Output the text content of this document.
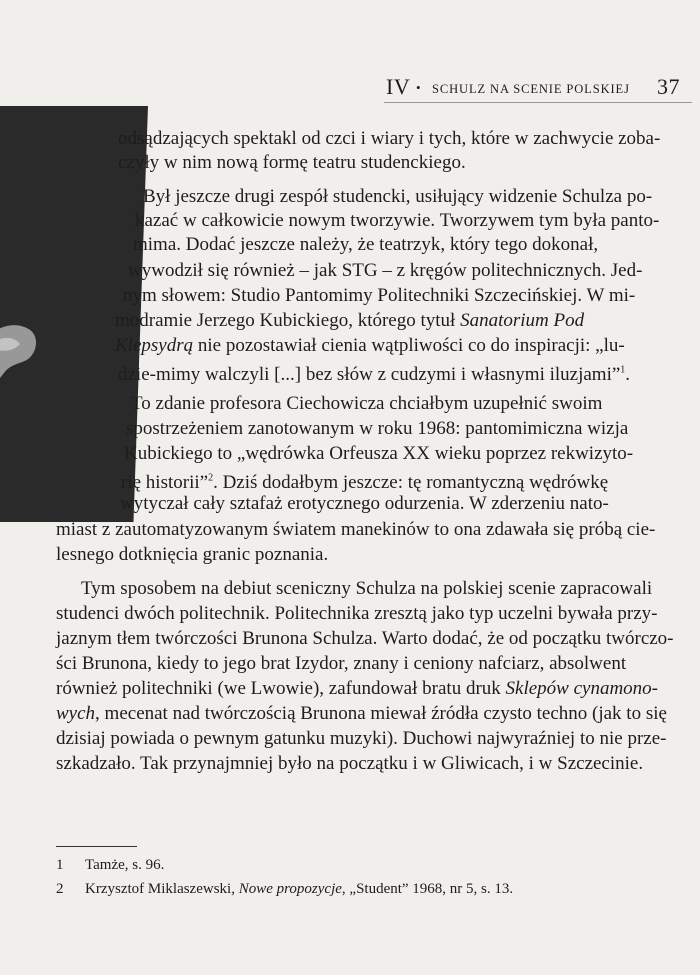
IV • SCHULZ NA SCENIE POLSKIEJ 37
odsądzających spektakl od czci i wiary i tych, które w zachwycie zoba-
czyły w nim nową formę teatru studenckiego.
Był jeszcze drugi zespół studencki, usiłujący widzenie Schulza po-
kazać w całkowicie nowym tworzywie. Tworzywem tym była panto-
mima. Dodać jeszcze należy, że teatrzyk, który tego dokonał,
wywodził się również – jak STG – z kręgów politechnicznych. Jed-
nym słowem: Studio Pantomimy Politechniki Szczecińskiej. W mi-
modramie Jerzego Kubickiego, którego tytuł Sanatorium Pod
Klepsydrą nie pozostawiał cienia wątpliwości co do inspiracji: „lu-
dzie-mimy walczyli [...] bez słów z cudzymi i własnymi iluzjami”$^1$.
To zdanie profesora Ciechowicza chciałbym uzupełnić swoim
spostrzeżeniem zanotowanym w roku 1968: pantomimiczna wizja
Kubickiego to „wędrówka Orfeusza XX wieku poprzez rekwizyto-
rię historii”$^2$. Dziś dodałbym jeszcze: tę romantyczną wędrówkę
wytyczał cały sztafaż erotycznego odurzenia. W zderzeniu nato-
miast z zautomatyzowanym światem manekinów to ona zdawała się próbą cie-
lesnego dotknięcia granic poznania.
Tym sposobem na debiut sceniczny Schulza na polskiej scenie zapracowali
studenci dwóch politechnik. Politechnika zresztą jako typ uczelni bywała przy-
jaznym tłem twórczości Brunona Schulza. Warto dodać, że od początku twórczo-
ści Brunona, kiedy to jego brat Izydor, znany i ceniony nafciarz, absolwent
również politechniki (we Lwowie), zafundował bratu druk Sklepów cynamono-
wych, mecenat nad twórczością Brunona miewał źródła czysto techno (jak to się
dzisiaj powiada o pewnym gatunku muzyki). Duchowi najwyraźniej to nie prze-
szkadzało. Tak przynajmniej było na początku i w Gliwicach, i w Szczecinie.
1 Tamże, s. 96.
2 Krzysztof Miklaszewski, Nowe propozycje, „Student” 1968, nr 5, s. 13.
